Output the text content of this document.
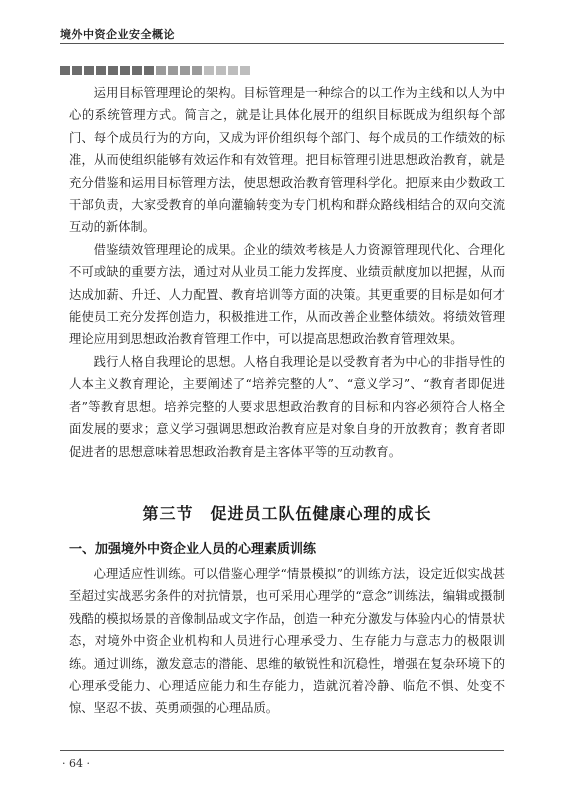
境外中资企业安全概论

运用目标管理理论的架构。目标管理是一种综合的以工作为主线和以人为中心的系统管理方式。简言之，就是让具体化展开的组织目标既成为组织每个部门、每个成员行为的方向，又成为评价组织每个部门、每个成员的工作绩效的标准，从而使组织能够有效运作和有效管理。把目标管理引进思想政治教育，就是充分借鉴和运用目标管理方法，使思想政治教育管理科学化。把原来由少数政工干部负责，大家受教育的单向灌输转变为专门机构和群众路线相结合的双向交流互动的新体制。

借鉴绩效管理理论的成果。企业的绩效考核是人力资源管理现代化、合理化不可或缺的重要方法，通过对从业员工能力发挥度、业绩贡献度加以把握，从而达成加薪、升迁、人力配置、教育培训等方面的决策。其更重要的目标是如何才能使员工充分发挥创造力，积极推进工作，从而改善企业整体绩效。将绩效管理理论应用到思想政治教育管理工作中，可以提高思想政治教育管理效果。

践行人格自我理论的思想。人格自我理论是以受教育者为中心的非指导性的人本主义教育理论，主要阐述了“培养完整的人”、“意义学习”、“教育者即促进者”等教育思想。培养完整的人要求思想政治教育的目标和内容必须符合人格全面发展的要求；意义学习强调思想政治教育应是对象自身的开放教育；教育者即促进者的思想意味着思想政治教育是主客体平等的互动教育。

第三节　促进员工队伍健康心理的成长
一、加强境外中资企业人员的心理素质训练

心理适应性训练。可以借鉴心理学“情景模拟”的训练方法，设定近似实战甚至超过实战恶劣条件的对抗情景，也可采用心理学的“意念”训练法，编辑或摄制残酷的模拟场景的音像制品或文字作品，创造一种充分激发与体验内心的情景状态，对境外中资企业机构和人员进行心理承受力、生存能力与意志力的极限训练。通过训练，激发意志的潜能、思维的敏锐性和沉稳性，增强在复杂环境下的心理承受能力、心理适应能力和生存能力，造就沉着冷静、临危不惧、处变不惊、坚忍不拔、英勇顽强的心理品质。

· 64 ·
